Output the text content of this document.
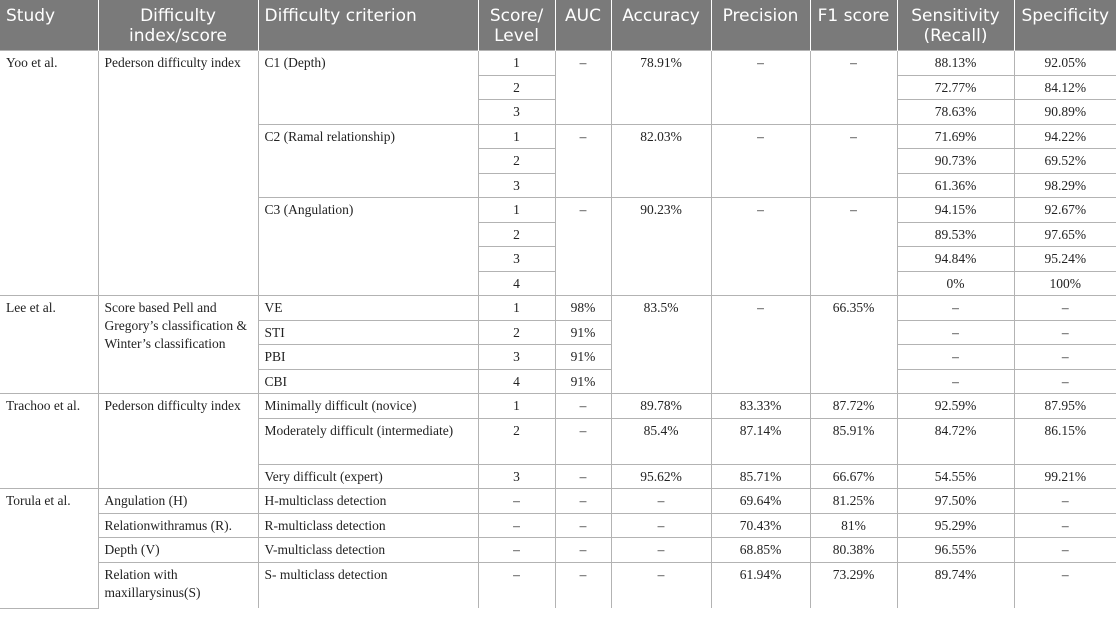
Study	Difficulty index/score	Difficulty criterion	Score/ Level	AUC	Accuracy	Precision	F1 score	Sensitivity (Recall)	Specificity
Yoo et al.	Pederson difficulty index	C1 (Depth)	1	–	78.91%	–	–	88.13%	92.05%
			2					72.77%	84.12%
			3					78.63%	90.89%
		C2 (Ramal relationship)	1	–	82.03%	–	–	71.69%	94.22%
			2					90.73%	69.52%
			3					61.36%	98.29%
		C3 (Angulation)	1	–	90.23%	–	–	94.15%	92.67%
			2					89.53%	97.65%
			3					94.84%	95.24%
			4					0%	100%
Lee et al.	Score based Pell and Gregory’s classification & Winter’s classification	VE	1	98%	83.5%	–	66.35%	–	–
		STI	2	91%				–	–
		PBI	3	91%				–	–
		CBI	4	91%				–	–
Trachoo et al.	Pederson difficulty index	Minimally difficult (novice)	1	–	89.78%	83.33%	87.72%	92.59%	87.95%
		Moderately difficult (intermediate)	2	–	85.4%	87.14%	85.91%	84.72%	86.15%
		Very difficult (expert)	3	–	95.62%	85.71%	66.67%	54.55%	99.21%
Torula et al.	Angulation (H)	H-multiclass detection	–	–	–	69.64%	81.25%	97.50%	–
	Relationwithramus (R).	R-multiclass detection	–	–	–	70.43%	81%	95.29%	–
	Depth (V)	V-multiclass detection	–	–	–	68.85%	80.38%	96.55%	–
	Relation with maxillarysinus(S)	S- multiclass detection	–	–	–	61.94%	73.29%	89.74%	–
